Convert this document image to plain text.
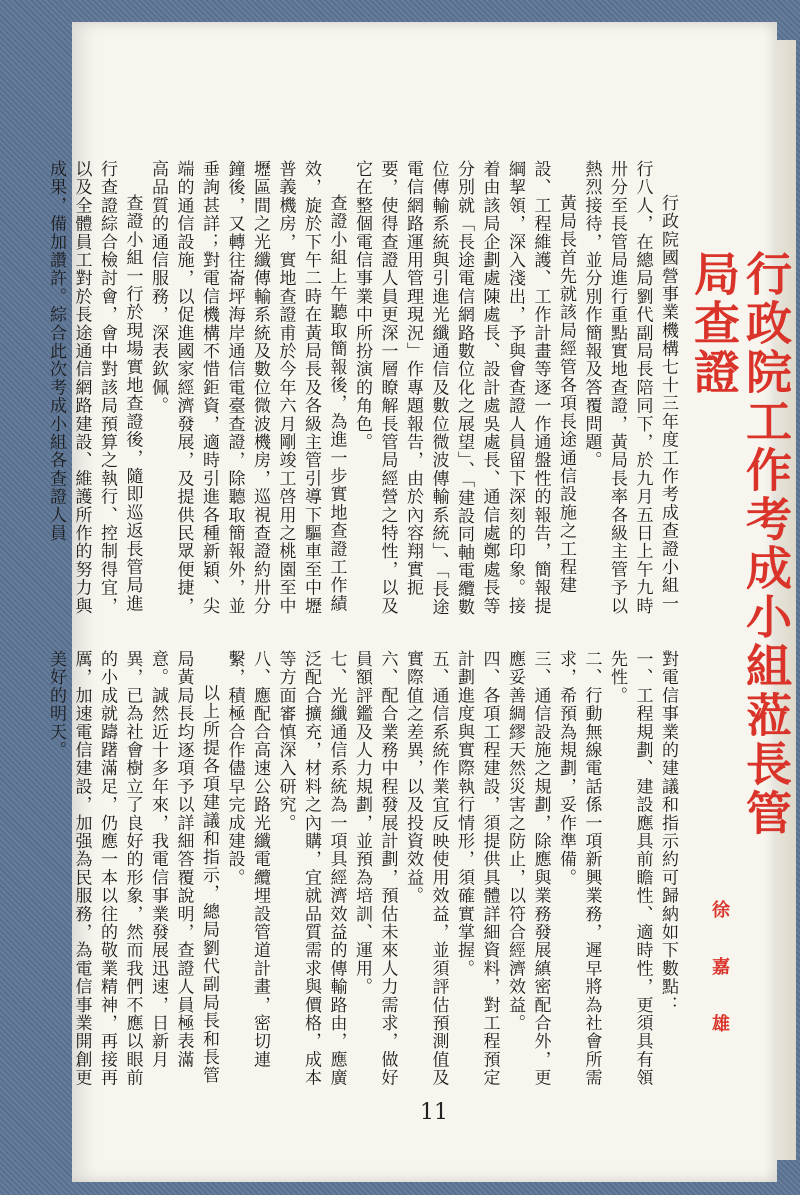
行政院國營事業機構七十三年度工作考成查證小組一行八人，在總局劉代副局長陪同下，於九月五日上午九時卅分至長管局進行重點實地查證，黃局長率各級主管予以熱烈接待，並分別作簡報及答覆問題。

黃局長首先就該局經管各項長途通信設施之工程建設、工程維護、工作計畫等逐一作通盤性的報告，簡報提綱挈領，深入淺出，予與會查證人員留下深刻的印象。接着由該局企劃處陳處長、設計處吳處長、通信處鄭處長等分別就「長途電信網路數位化之展望」、「建設同軸電纜數位傳輸系統與引進光纖通信及數位微波傳輸系統」、「長途電信網路運用管理現況」作專題報告，由於內容翔實扼要，使得查證人員更深一層瞭解長管局經營之特性，以及它在整個電信事業中所扮演的角色。

查證小組上午聽取簡報後，為進一步實地查證工作績效，旋於下午二時在黃局長及各級主管引導下驅車至中壢普義機房，實地查證甫於今年六月剛竣工啓用之桃園至中壢區間之光纖傳輸系統及數位微波機房，巡視查證約卅分鐘後，又轉往崙坪海岸通信電臺查證，除聽取簡報外，並垂詢甚詳；對電信機構不惜鉅資，適時引進各種新穎、尖端的通信設施，以促進國家經濟發展，及提供民眾便捷，高品質的通信服務，深表欽佩。

查證小組一行於現場實地查證後，隨即巡返長管局進行查證綜合檢討會，會中對該局預算之執行、控制得宜，以及全體員工對於長途通信網路建設、維護所作的努力與成果，備加讚許。綜合此次考成小組各查證人員

對電信事業的建議和指示約可歸納如下數點：

一、工程規劃、建設應具前瞻性、適時性，更須具有領先性。

二、行動無線電話係一項新興業務，遲早將為社會所需求，希預為規劃，妥作準備。

三、通信設施之規劃，除應與業務發展縝密配合外，更應妥善綢繆天然災害之防止，以符合經濟效益。

四、各項工程建設，須提供具體詳細資料，對工程預定計劃進度與實際執行情形，須確實掌握。

五、通信系統作業宜反映使用效益，並須評估預測值及實際值之差異，以及投資效益。

六、配合業務中程發展計劃，預估未來人力需求，做好員額評鑑及人力規劃，並預為培訓、運用。

七、光纖通信系統為一項具經濟效益的傳輸路由，應廣泛配合擴充，材料之內購，宜就品質需求與價格，成本等方面審慎深入研究。

八、應配合高速公路光纖電纜埋設管道計畫，密切連繫，積極合作儘早完成建設。

以上所提各項建議和指示，總局劉代副局長和長管局黃局長均逐項予以詳細答覆說明，查證人員極表滿意。誠然近十多年來，我電信事業發展迅速，日新月異，已為社會樹立了良好的形象，然而我們不應以眼前的小成就躊躇滿足，仍應一本以往的敬業精神，再接再厲，加速電信建設，加强為民服務，為電信事業開創更美好的明天。	行政院工作考成小組蒞長管局查證
徐 嘉 雄
11
